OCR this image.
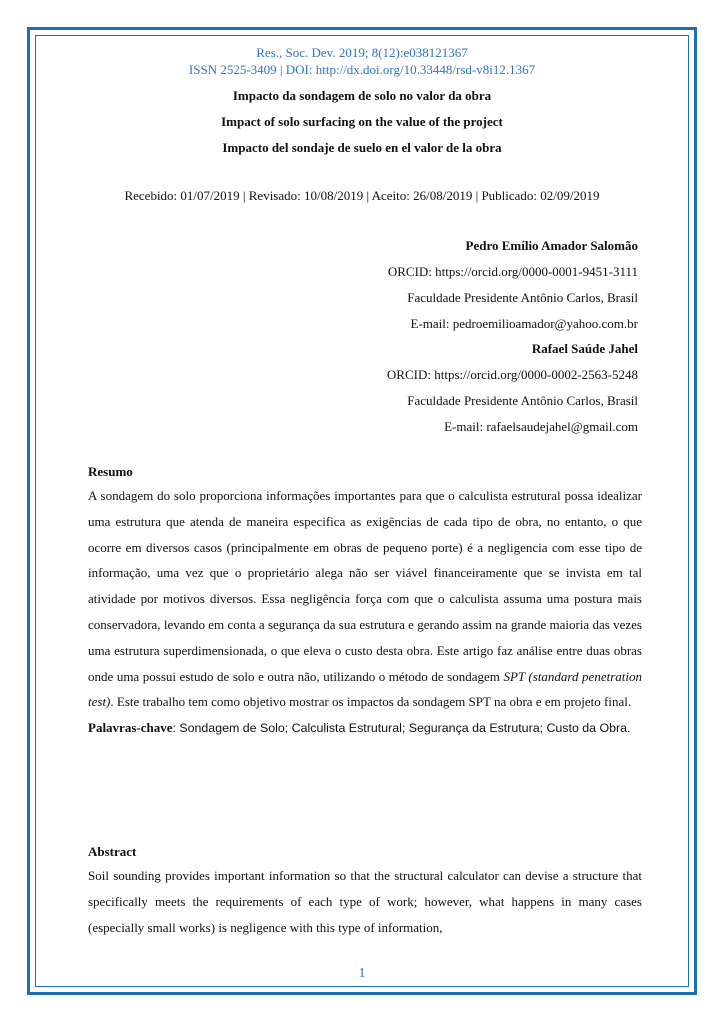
Res., Soc. Dev. 2019; 8(12):e038121367
ISSN 2525-3409 | DOI: http://dx.doi.org/10.33448/rsd-v8i12.1367
Impacto da sondagem de solo no valor da obra
Impact of solo surfacing on the value of the project
Impacto del sondaje de suelo en el valor de la obra
Recebido: 01/07/2019 | Revisado: 10/08/2019 | Aceito: 26/08/2019 | Publicado: 02/09/2019
Pedro Emílio Amador Salomão
ORCID: https://orcid.org/0000-0001-9451-3111
Faculdade Presidente Antônio Carlos, Brasil
E-mail: pedroemilioamador@yahoo.com.br
Rafael Saúde Jahel
ORCID: https://orcid.org/0000-0002-2563-5248
Faculdade Presidente Antônio Carlos, Brasil
E-mail: rafaelsaudejahel@gmail.com
Resumo

A sondagem do solo proporciona informações importantes para que o calculista estrutural possa idealizar uma estrutura que atenda de maneira especifica as exigências de cada tipo de obra, no entanto, o que ocorre em diversos casos (principalmente em obras de pequeno porte) é a negligencia com esse tipo de informação, uma vez que o proprietário alega não ser viável financeiramente que se invista em tal atividade por motivos diversos. Essa negligência força com que o calculista assuma uma postura mais conservadora, levando em conta a segurança da sua estrutura e gerando assim na grande maioria das vezes uma estrutura superdimensionada, o que eleva o custo desta obra. Este artigo faz análise entre duas obras onde uma possui estudo de solo e outra não, utilizando o método de sondagem SPT (standard penetration test). Este trabalho tem como objetivo mostrar os impactos da sondagem SPT na obra e em projeto final.

Palavras-chave: Sondagem de Solo; Calculista Estrutural; Segurança da Estrutura; Custo da Obra.

Abstract

Soil sounding provides important information so that the structural calculator can devise a structure that specifically meets the requirements of each type of work; however, what happens in many cases (especially small works) is negligence with this type of information,

1
